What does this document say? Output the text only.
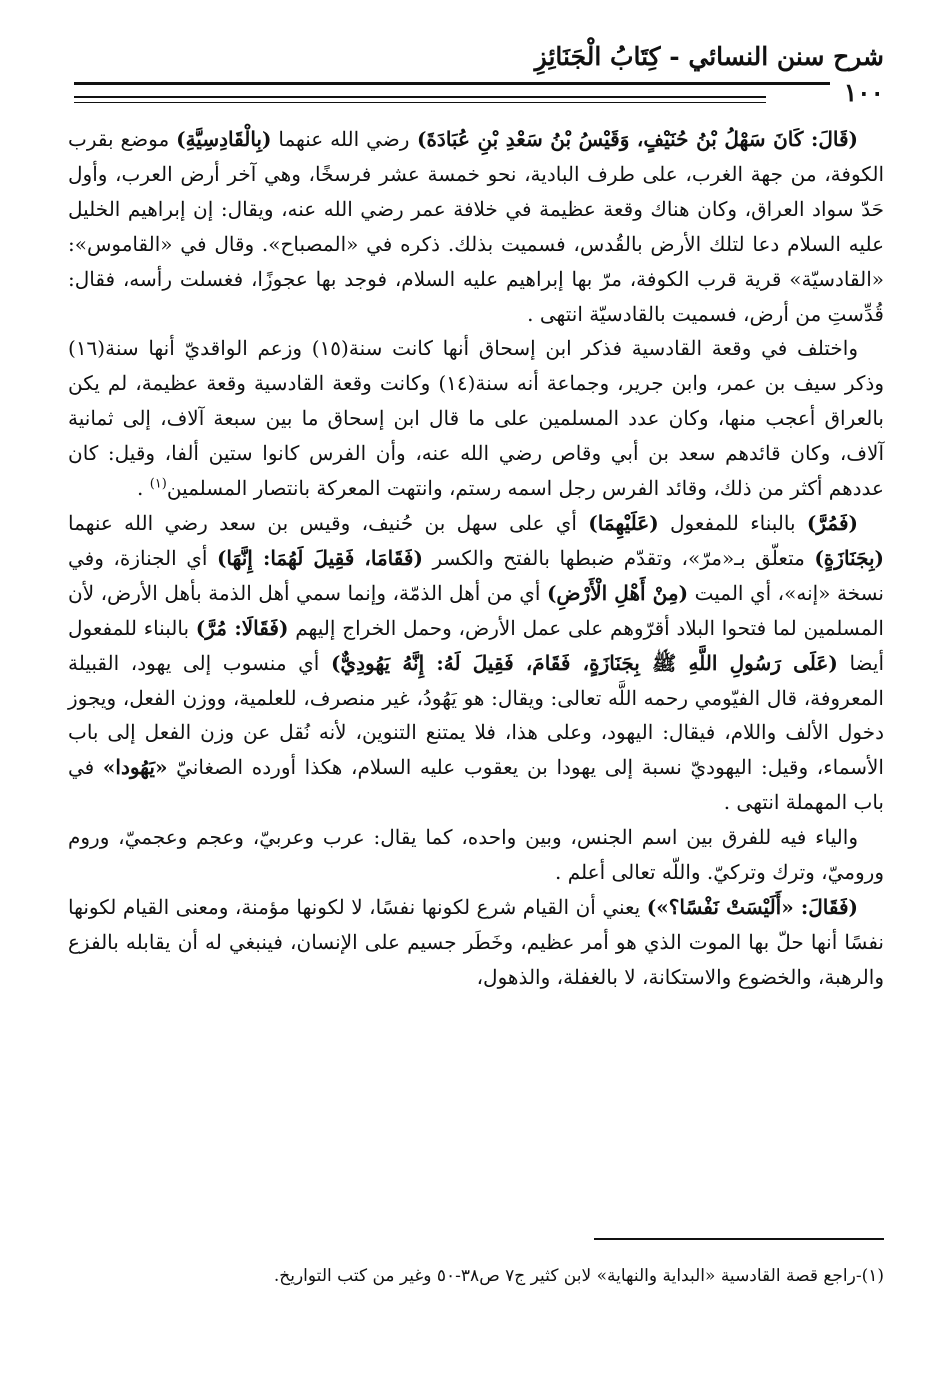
شرح سنن النسائي - كِتَابُ الْجَنَائِزِ
١٠٠

(قَالَ: كَانَ سَهْلُ بْنُ حُنَيْفٍ، وَقَيْسُ بْنُ سَعْدِ بْنِ عُبَادَةَ) رضي الله عنهما (بِالْقَادِسِيَّةِ) موضع بقرب الكوفة، من جهة الغرب، على طرف البادية، نحو خمسة عشر فرسخًا، وهي آخر أرض العرب، وأول حَدّ سواد العراق، وكان هناك وقعة عظيمة في خلافة عمر رضي الله عنه، ويقال: إن إبراهيم الخليل عليه السلام دعا لتلك الأرض بالقُدس، فسميت بذلك. ذكره في «المصباح». وقال في «القاموس»: «القادسيّة» قرية قرب الكوفة، مرّ بها إبراهيم عليه السلام، فوجد بها عجوزًا، فغسلت رأسه، فقال: قُدِّستِ من أرض، فسميت بالقادسيّة انتهى .

واختلف في وقعة القادسية فذكر ابن إسحاق أنها كانت سنة(١٥) وزعم الواقديّ أنها سنة(١٦) وذكر سيف بن عمر، وابن جرير، وجماعة أنه سنة(١٤) وكانت وقعة القادسية وقعة عظيمة، لم يكن بالعراق أعجب منها، وكان عدد المسلمين على ما قال ابن إسحاق ما بين سبعة آلاف، إلى ثمانية آلاف، وكان قائدهم سعد بن أبي وقاص رضي الله عنه، وأن الفرس كانوا ستين ألفا، وقيل: كان عددهم أكثر من ذلك، وقائد الفرس رجل اسمه رستم، وانتهت المعركة بانتصار المسلمين$^{(١)}$ .

(فَمُرَّ) بالبناء للمفعول (عَلَيْهِمَا) أي على سهل بن حُنيف، وقيس بن سعد رضي الله عنهما (بِجَنَازَةٍ) متعلّق بـ«مرّ»، وتقدّم ضبطها بالفتح والكسر (فَقَامَا، فَقِيلَ لَهُمَا: إِنَّهَا) أي الجنازة، وفي نسخة «إنه»، أي الميت (مِنْ أَهْلِ الْأَرْضِ) أي من أهل الذمّة، وإنما سمي أهل الذمة بأهل الأرض، لأن المسلمين لما فتحوا البلاد أقرّوهم على عمل الأرض، وحمل الخراج إليهم (فَقَالَا: مُرَّ) بالبناء للمفعول أيضا (عَلَى رَسُولِ اللَّهِ ﷺ بِجَنَازَةٍ، فَقَامَ، فَقِيلَ لَهُ: إِنَّهُ يَهُودِيٌّ) أي منسوب إلى يهود، القبيلة المعروفة، قال الفيّومي رحمه اللَّه تعالى: ويقال: هو يَهُودُ، غير منصرف، للعلمية، ووزن الفعل، ويجوز دخول الألف واللام، فيقال: اليهود، وعلى هذا، فلا يمتنع التنوين، لأنه نُقل عن وزن الفعل إلى باب الأسماء، وقيل: اليهوديّ نسبة إلى يهودا بن يعقوب عليه السلام، هكذا أورده الصغانيّ «يَهُودا» في باب المهملة انتهى .

والياء فيه للفرق بين اسم الجنس، وبين واحده، كما يقال: عرب وعربيّ، وعجم وعجميّ، وروم وروميّ، وترك وتركيّ. واللّه تعالى أعلم .

(فَقَالَ: «أَلَيْسَتْ نَفْسًا؟») يعني أن القيام شرع لكونها نفسًا، لا لكونها مؤمنة، ومعنى القيام لكونها نفسًا أنها حلّ بها الموت الذي هو أمر عظيم، وخَطَر جسيم على الإنسان، فينبغي له أن يقابله بالفزع والرهبة، والخضوع والاستكانة، لا بالغفلة، والذهول،

(١)-راجع قصة القادسية «البداية والنهاية» لابن كثير ج٧ ص٣٨-٥٠ وغير من كتب التواريخ.
